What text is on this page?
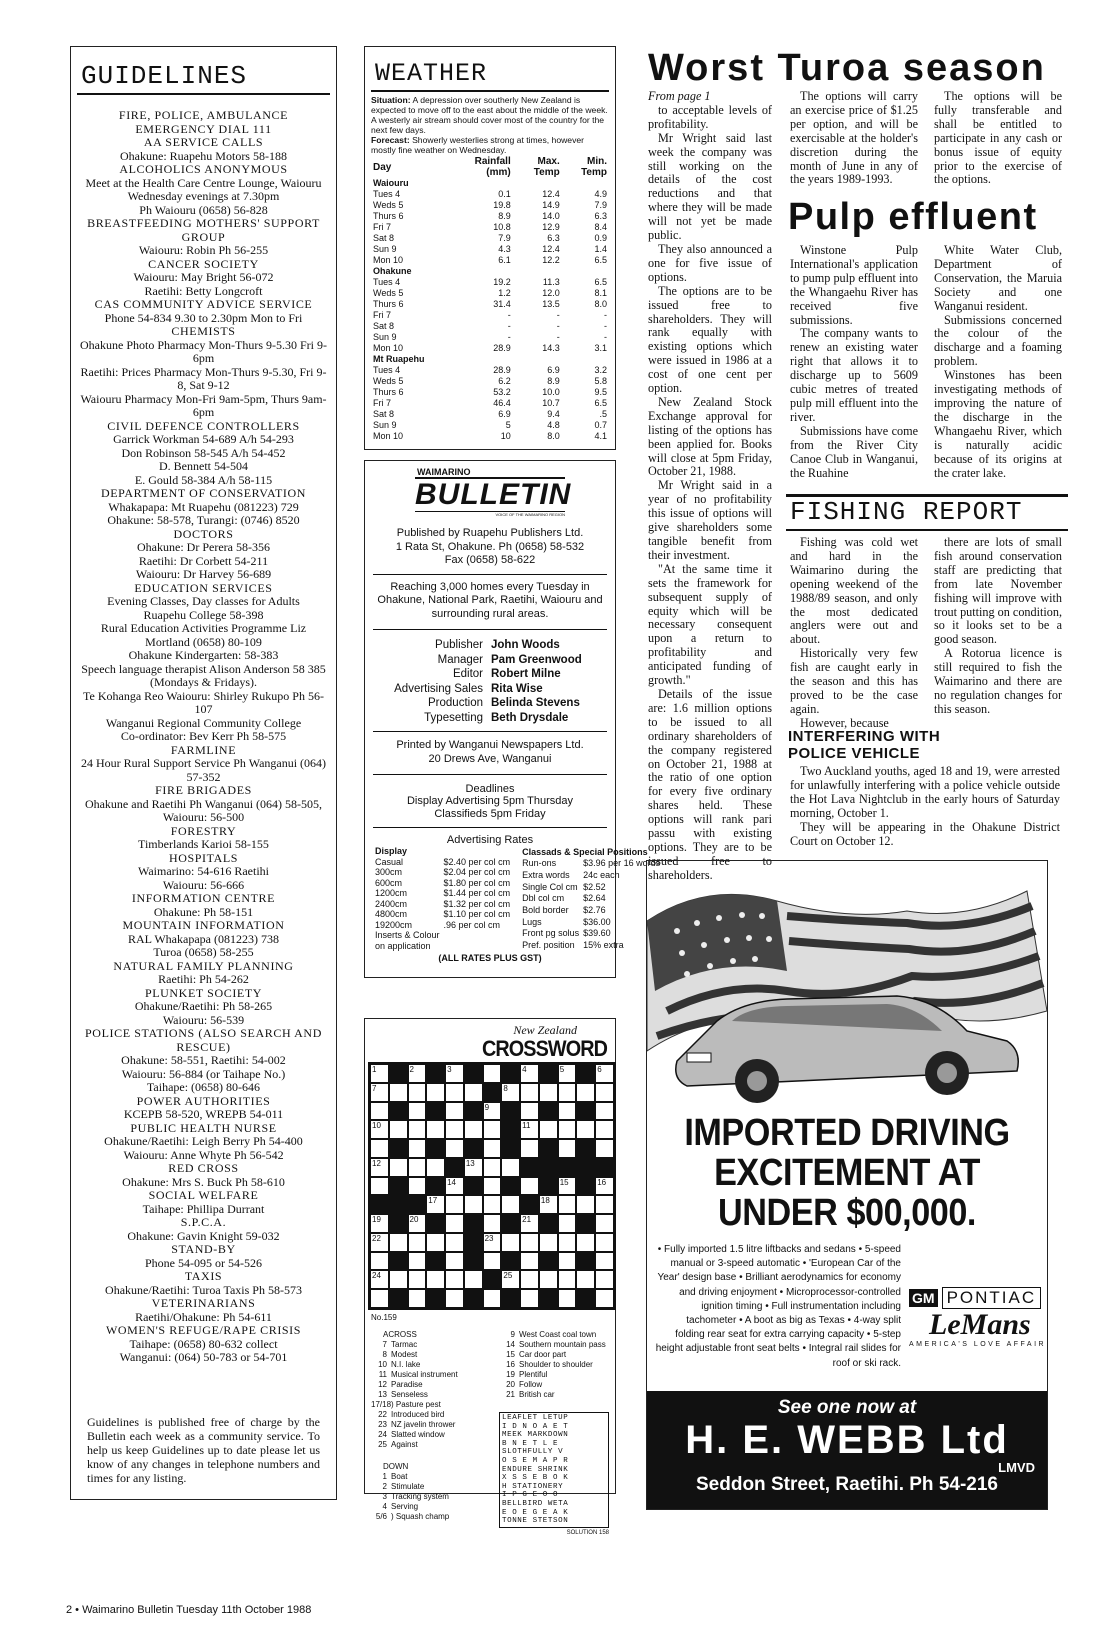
GUIDELINES
FIRE, POLICE, AMBULANCE EMERGENCY DIAL 111
AA SERVICE CALLS
Ohakune: Ruapehu Motors 58-188
ALCOHOLICS ANONYMOUS
Meet at the Health Care Centre Lounge, Waiouru Wednesday evenings at 7.30pm
Ph Waiouru (0658) 56-828
BREASTFEEDING MOTHERS' SUPPORT GROUP
Waiouru: Robin Ph 56-255
CANCER SOCIETY
Waiouru: May Bright 56-072
Raetihi: Betty Longcroft
CAS COMMUNITY ADVICE SERVICE
Phone 54-834 9.30 to 2.30pm Mon to Fri
CHEMISTS
Ohakune Photo Pharmacy Mon-Thurs 9-5.30 Fri 9-6pm
Raetihi: Prices Pharmacy Mon-Thurs 9-5.30, Fri 9-8, Sat 9-12
Waiouru Pharmacy Mon-Fri 9am-5pm, Thurs 9am-6pm
CIVIL DEFENCE CONTROLLERS
Garrick Workman 54-689 A/h 54-293
Don Robinson 58-545 A/h 54-452
D. Bennett 54-504
E. Gould 58-384 A/h 58-115
DEPARTMENT OF CONSERVATION
Whakapapa: Mt Ruapehu (081223) 729
Ohakune: 58-578, Turangi: (0746) 8520
DOCTORS
Ohakune: Dr Perera 58-356
Raetihi: Dr Corbett 54-211
Waiouru: Dr Harvey 56-689
EDUCATION SERVICES
Evening Classes, Day classes for Adults
Ruapehu College 58-398
Rural Education Activities Programme Liz Mortland (0658) 80-109
Ohakune Kindergarten: 58-383
Speech language therapist Alison Anderson 58 385 (Mondays & Fridays).
Te Kohanga Reo Waiouru: Shirley Rukupo Ph 56-107
Wanganui Regional Community College
Co-ordinator: Bev Kerr Ph 58-575
FARMLINE
24 Hour Rural Support Service Ph Wanganui (064) 57-352
FIRE BRIGADES
Ohakune and Raetihi Ph Wanganui (064) 58-505, Waiouru: 56-500
FORESTRY
Timberlands Karioi 58-155
HOSPITALS
Waimarino: 54-616 Raetihi
Waiouru: 56-666
INFORMATION CENTRE
Ohakune: Ph 58-151
MOUNTAIN INFORMATION
RAL Whakapapa (081223) 738
Turoa (0658) 58-255
NATURAL FAMILY PLANNING
Raetihi: Ph 54-262
PLUNKET SOCIETY
Ohakune/Raetihi: Ph 58-265
Waiouru: 56-539
POLICE STATIONS (ALSO SEARCH AND RESCUE)
Ohakune: 58-551, Raetihi: 54-002
Waiouru: 56-884 (or Taihape No.)
Taihape: (0658) 80-646
POWER AUTHORITIES
KCEPB 58-520, WREPB 54-011
PUBLIC HEALTH NURSE
Ohakune/Raetihi: Leigh Berry Ph 54-400
Waiouru: Anne Whyte Ph 56-542
RED CROSS
Ohakune: Mrs S. Buck Ph 58-610
SOCIAL WELFARE
Taihape: Phillipa Durrant
S.P.C.A.
Ohakune: Gavin Knight 59-032
STAND-BY
Phone 54-095 or 54-526
TAXIS
Ohakune/Raetihi: Turoa Taxis Ph 58-573
VETERINARIANS
Raetihi/Ohakune: Ph 54-611
WOMEN'S REFUGE/RAPE CRISIS
Taihape: (0658) 80-632 collect
Wanganui: (064) 50-783 or 54-701
Guidelines is published free of charge by the Bulletin each week as a community service. To help us keep Guidelines up to date please let us know of any changes in telephone numbers and times for any listing.
WEATHER
Situation: A depression over southerly New Zealand is expected to move off to the east about the middle of the week. A westerly air stream should cover most of the country for the next few days.
Forecast: Showerly westerlies strong at times, however mostly fine weather on Wednesday.
Day	Rainfall (mm)	Max. Temp	Min. Temp
Waiouru			
Tues 4	0.1	12.4	4.9
Weds 5	19.8	14.9	7.9
Thurs 6	8.9	14.0	6.3
Fri 7	10.8	12.9	8.4
Sat 8	7.9	6.3	0.9
Sun 9	4.3	12.4	1.4
Mon 10	6.1	12.2	6.5
Ohakune			
Tues 4	19.2	11.3	6.5
Weds 5	1.2	12.0	8.1
Thurs 6	31.4	13.5	8.0
Fri 7	-	-	-
Sat 8	-	-	-
Sun 9	-	-	-
Mon 10	28.9	14.3	3.1
Mt Ruapehu			
Tues 4	28.9	6.9	3.2
Weds 5	6.2	8.9	5.8
Thurs 6	53.2	10.0	9.5
Fri 7	46.4	10.7	6.5
Sat 8	6.9	9.4	.5
Sun 9	5	4.8	0.7
Mon 10	10	8.0	4.1
WAIMARINO
BULLETIN
VOICE OF THE WAIMARINO REGION
Published by Ruapehu Publishers Ltd.
1 Rata St, Ohakune. Ph (0658) 58-532
Fax (0658) 58-622
Reaching 3,000 homes every Tuesday in Ohakune, National Park, Raetihi, Waiouru and surrounding rural areas.
Publisher John Woods
Manager Pam Greenwood
Editor Robert Milne
Advertising Sales Rita Wise
Production Belinda Stevens
Typesetting Beth Drysdale
Printed by Wanganui Newspapers Ltd.
20 Drews Ave, Wanganui
Deadlines
Display Advertising 5pm Thursday
Classifieds 5pm Friday
Advertising Rates
Display	
Casual	$2.40 per col cm
300cm	$2.04 per col cm
600cm	$1.80 per col cm
1200cm	$1.44 per col cm
2400cm	$1.32 per col cm
4800cm	$1.10 per col cm
19200cm	.96 per col cm
Inserts & Colour	
on application	
Classads & Special Positions	
Run-ons	$3.96 per 16 words
Extra words	24c each
Single Col cm	$2.52
Dbl col cm	$2.64
Bold border	$2.76
Lugs	$36.00
Front pg solus	$39.60
Pref. position	15% extra
(ALL RATES PLUS GST)
New Zealand
CROSSWORD
1	2	3	4	5	6
7	8
9
10	11
12	13
14	15	16
17	18
19	20	21
22	23
24	25
No.159
ACROSS
7 Tarmac
8 Modest
10 N.I. lake
11 Musical instrument
12 Paradise
13 Senseless
17/18 ) Pasture pest
22 Introduced bird
23 NZ javelin thrower
24 Slatted window
25 Against
DOWN
1 Boat
2 Stimulate
3 Tracking system
4 Serving
5/6 ) Squash champ
9 West Coast coal town
14 Southern mountain pass
15 Car door part
16 Shoulder to shoulder
19 Plentiful
20 Follow
21 British car
LEAFLET LETUP
I D N O A E T
MEEK MARKDOWN
B N E T L E
SLOTHFULLY V
O S E M A P R
ENDURE SHRINK
X S S E B O K
H STATIONERY
I P G E O O
BELLBIRD WETA
E O E G E A K
TONNE STETSON
SOLUTION 158
Worst Turoa season
From page 1

to acceptable levels of profitability.

Mr Wright said last week the company was still working on the details of the cost reductions and that where they will be made will not yet be made public.

They also announced a one for five issue of options.

The options are to be issued free to shareholders. They will rank equally with existing options which were issued in 1986 at a cost of one cent per option.

New Zealand Stock Exchange approval for listing of the options has been applied for. Books will close at 5pm Friday, October 21, 1988.

Mr Wright said in a year of no profitability this issue of options will give shareholders some tangible benefit from their investment.

"At the same time it sets the framework for subsequent supply of equity which will be necessary consequent upon a return to profitability and anticipated funding of growth."

Details of the issue are: 1.6 million options to be issued to all ordinary shareholders of the company registered on October 21, 1988 at the ratio of one option for every five ordinary shares held. These options will rank pari passu with existing options. They are to be issued free to shareholders.

The options will carry an exercise price of $1.25 per option, and will be exercisable at the holder's discretion during the month of June in any of the years 1989-1993.

The options will be fully transferable and shall be entitled to participate in any cash or bonus issue of equity prior to the exercise of the options.

Pulp effluent

Winstone Pulp International's application to pump pulp effluent into the Whangaehu River has received five submissions.

The company wants to renew an existing water right that allows it to discharge up to 5609 cubic metres of treated pulp mill effluent into the river.

Submissions have come from the River City Canoe Club in Wanganui, the Ruahine

White Water Club, Department of Conservation, the Maruia Society and one Wanganui resident.

Submissions concerned the colour of the discharge and a foaming problem.

Winstones has been investigating methods of improving the nature of the discharge in the Whangaehu River, which is naturally acidic because of its origins at the crater lake.

FISHING REPORT

Fishing was cold wet and hard in the Waimarino during the opening weekend of the 1988/89 season, and only the most dedicated anglers were out and about.

Historically very few fish are caught early in the season and this has proved to be the case again.

However, because

there are lots of small fish around conservation staff are predicting that from late November fishing will improve with trout putting on condition, so it looks set to be a good season.

A Rotorua licence is still required to fish the Waimarino and there are no regulation changes for this season.

INTERFERING WITH POLICE VEHICLE

Two Auckland youths, aged 18 and 19, were arrested for unlawfully interfering with a police vehicle outside the Hot Lava Nightclub in the early hours of Saturday morning, October 1.

They will be appearing in the Ohakune District Court on October 12.

IMPORTED DRIVING
EXCITEMENT AT
UNDER $00,000.
• Fully imported 1.5 litre liftbacks and sedans • 5-speed manual or 3-speed automatic • 'European Car of the Year' design base • Brilliant aerodynamics for economy and driving enjoyment • Microprocessor-controlled ignition timing • Full instrumentation including tachometer • A boot as big as Texas • 4-way split folding rear seat for extra carrying capacity • 5-step height adjustable front seat belts • Integral rail slides for roof or ski rack.
GM PONTIAC
LeMans
AMERICA'S LOVE AFFAIR
See one now at
H. E. WEBB Ltd
LMVD
Seddon Street, Raetihi. Ph 54-216
2 • Waimarino Bulletin Tuesday 11th October 1988
